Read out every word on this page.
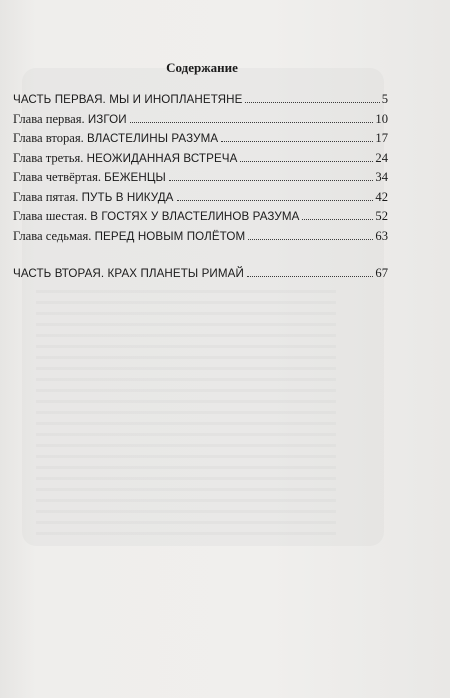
Содержание
ЧАСТЬ ПЕРВАЯ. МЫ И ИНОПЛАНЕТЯНЕ	5
Глава первая. ИЗГОИ	10
Глава вторая. ВЛАСТЕЛИНЫ РАЗУМА	17
Глава третья. НЕОЖИДАННАЯ ВСТРЕЧА	24
Глава четвёртая. БЕЖЕНЦЫ	34
Глава пятая. ПУТЬ В НИКУДА	42
Глава шестая. В ГОСТЯХ У ВЛАСТЕЛИНОВ РАЗУМА	52
Глава седьмая. ПЕРЕД НОВЫМ ПОЛЁТОМ	63
ЧАСТЬ ВТОРАЯ. КРАХ ПЛАНЕТЫ РИМАЙ	67
